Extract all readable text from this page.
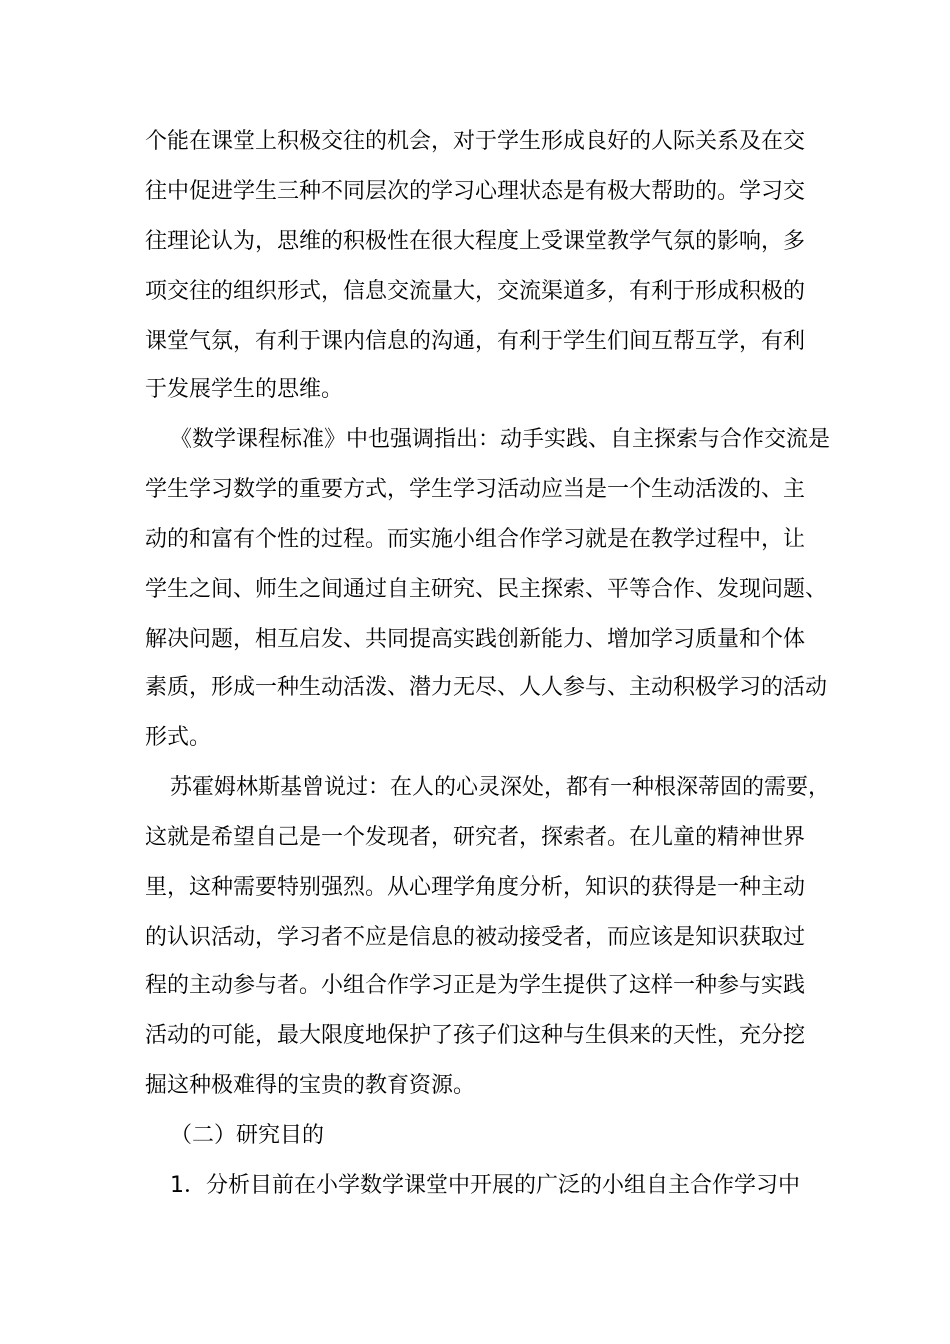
个能在课堂上积极交往的机会，对于学生形成良好的人际关系及在交

往中促进学生三种不同层次的学习心理状态是有极大帮助的。学习交

往理论认为，思维的积极性在很大程度上受课堂教学气氛的影响，多

项交往的组织形式，信息交流量大，交流渠道多，有利于形成积极的

课堂气氛，有利于课内信息的沟通，有利于学生们间互帮互学，有利

于发展学生的思维。

《数学课程标准》中也强调指出：动手实践、自主探索与合作交流是

学生学习数学的重要方式，学生学习活动应当是一个生动活泼的、主

动的和富有个性的过程。而实施小组合作学习就是在教学过程中，让

学生之间、师生之间通过自主研究、民主探索、平等合作、发现问题、

解决问题，相互启发、共同提高实践创新能力、增加学习质量和个体

素质，形成一种生动活泼、潜力无尽、人人参与、主动积极学习的活动

形式。

苏霍姆林斯基曾说过：在人的心灵深处，都有一种根深蒂固的需要，

这就是希望自己是一个发现者，研究者，探索者。在儿童的精神世界

里，这种需要特别强烈。从心理学角度分析，知识的获得是一种主动

的认识活动，学习者不应是信息的被动接受者，而应该是知识获取过

程的主动参与者。小组合作学习正是为学生提供了这样一种参与实践

活动的可能，最大限度地保护了孩子们这种与生俱来的天性，充分挖

掘这种极难得的宝贵的教育资源。

（二）研究目的

1．分析目前在小学数学课堂中开展的广泛的小组自主合作学习中
